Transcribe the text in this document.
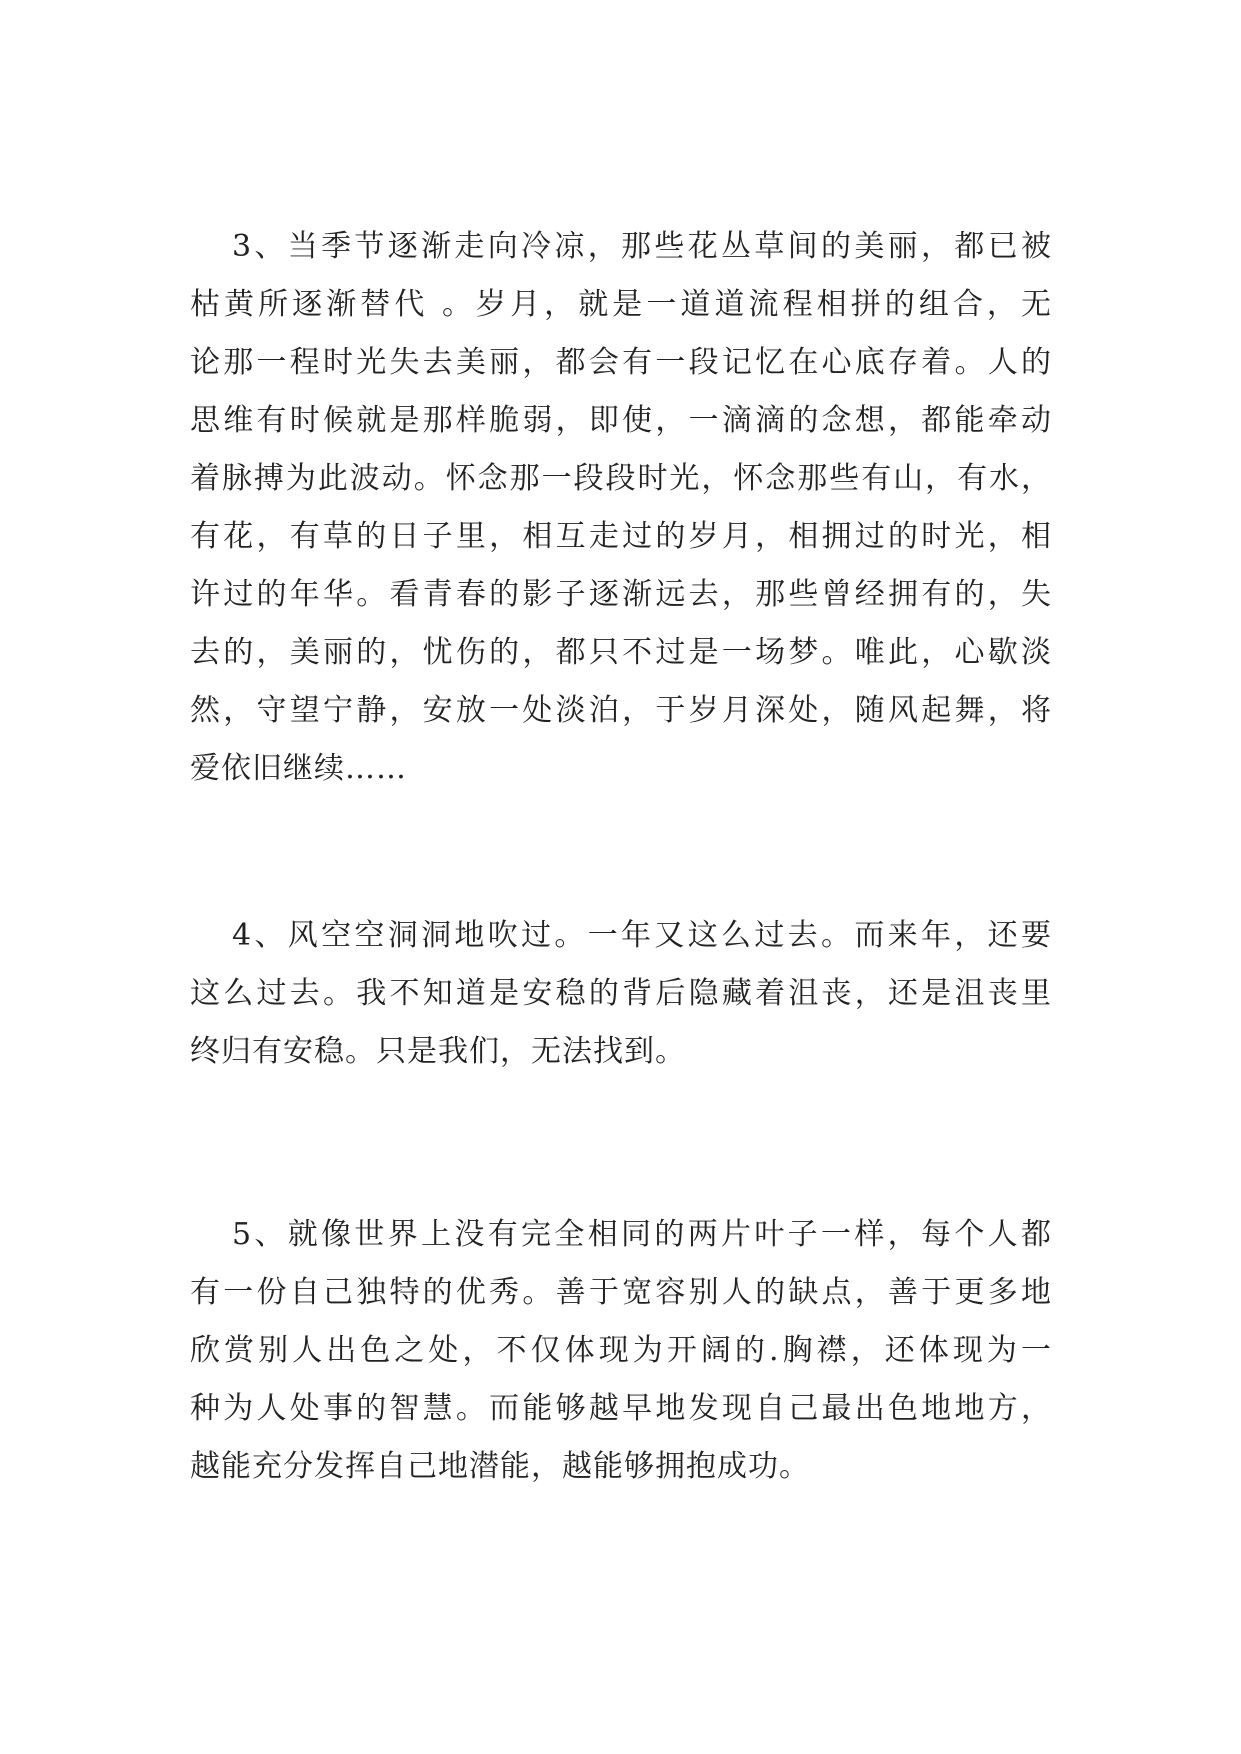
3、当季节逐渐走向冷凉，那些花丛草间的美丽，都已被
枯黄所逐渐替代 。岁月，就是一道道流程相拼的组合，无
论那一程时光失去美丽，都会有一段记忆在心底存着。人的
思维有时候就是那样脆弱，即使，一滴滴的念想，都能牵动
着脉搏为此波动。怀念那一段段时光，怀念那些有山，有水，
有花，有草的日子里，相互走过的岁月，相拥过的时光，相
许过的年华。看青春的影子逐渐远去，那些曾经拥有的，失
去的，美丽的，忧伤的，都只不过是一场梦。唯此，心歇淡
然，守望宁静，安放一处淡泊，于岁月深处，随风起舞，将
爱依旧继续……
4、风空空洞洞地吹过。一年又这么过去。而来年，还要
这么过去。我不知道是安稳的背后隐藏着沮丧，还是沮丧里
终归有安稳。只是我们，无法找到。
5、就像世界上没有完全相同的两片叶子一样，每个人都
有一份自己独特的优秀。善于宽容别人的缺点，善于更多地
欣赏别人出色之处，不仅体现为开阔的.胸襟，还体现为一
种为人处事的智慧。而能够越早地发现自己最出色地地方，
越能充分发挥自己地潜能，越能够拥抱成功。
